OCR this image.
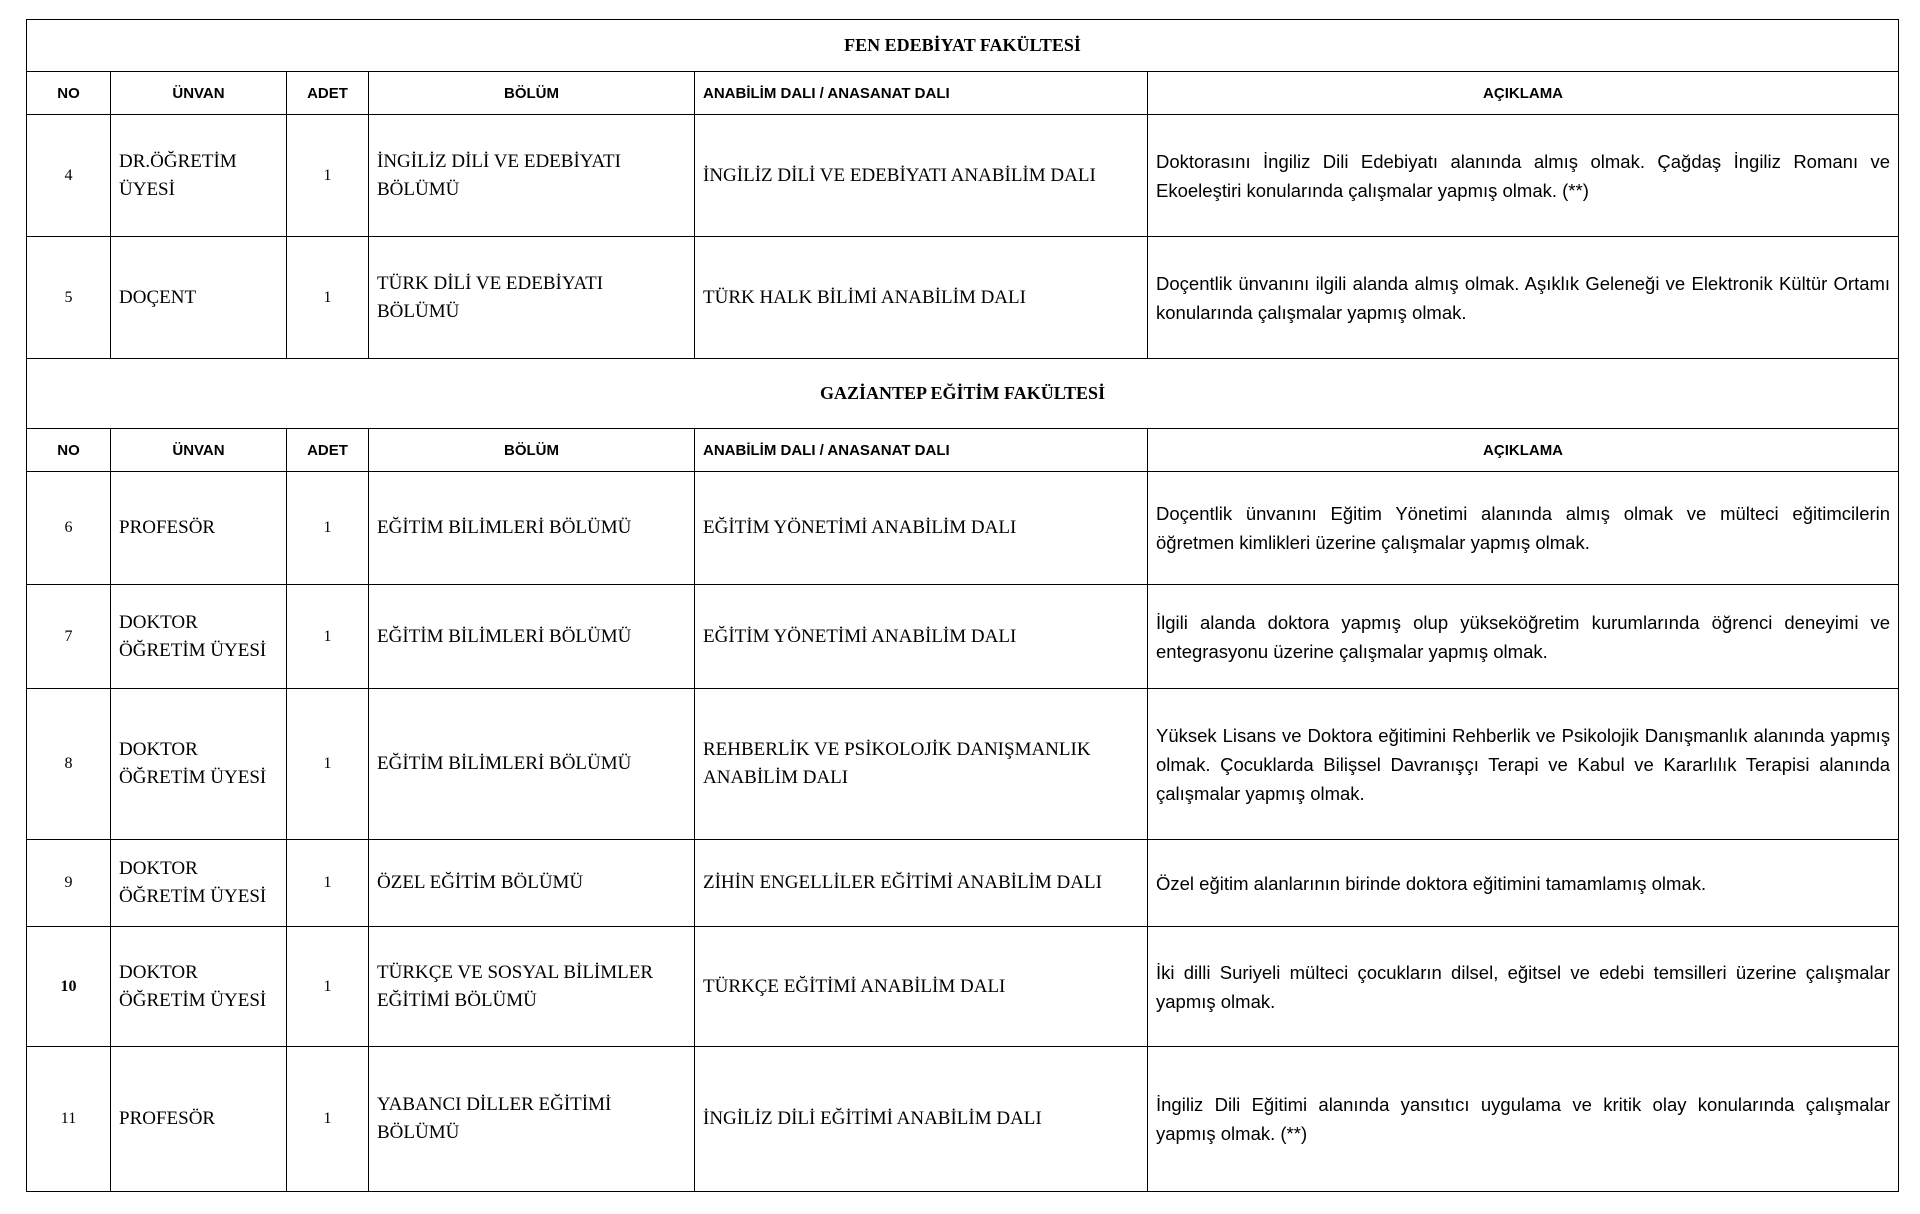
FEN EDEBİYAT FAKÜLTESİ					
NO	ÜNVAN	ADET	BÖLÜM	ANABİLİM DALI / ANASANAT DALI	AÇIKLAMA
4	DR.ÖĞRETİM ÜYESİ	1	İNGİLİZ DİLİ VE EDEBİYATI BÖLÜMÜ	İNGİLİZ DİLİ VE EDEBİYATI ANABİLİM DALI	Doktorasını İngiliz Dili Edebiyatı alanında almış olmak. Çağdaş İngiliz Romanı ve Ekoeleştiri konularında çalışmalar yapmış olmak. (**)
5	DOÇENT	1	TÜRK DİLİ VE EDEBİYATI BÖLÜMÜ	TÜRK HALK BİLİMİ ANABİLİM DALI	Doçentlik ünvanını ilgili alanda almış olmak. Aşıklık Geleneği ve Elektronik Kültür Ortamı konularında çalışmalar yapmış olmak.
GAZİANTEP EĞİTİM FAKÜLTESİ					
NO	ÜNVAN	ADET	BÖLÜM	ANABİLİM DALI / ANASANAT DALI	AÇIKLAMA
6	PROFESÖR	1	EĞİTİM BİLİMLERİ BÖLÜMÜ	EĞİTİM YÖNETİMİ ANABİLİM DALI	Doçentlik ünvanını Eğitim Yönetimi alanında almış olmak ve mülteci eğitimcilerin öğretmen kimlikleri üzerine çalışmalar yapmış olmak.
7	DOKTOR ÖĞRETİM ÜYESİ	1	EĞİTİM BİLİMLERİ BÖLÜMÜ	EĞİTİM YÖNETİMİ ANABİLİM DALI	İlgili alanda doktora yapmış olup yükseköğretim kurumlarında öğrenci deneyimi ve entegrasyonu üzerine çalışmalar yapmış olmak.
8	DOKTOR ÖĞRETİM ÜYESİ	1	EĞİTİM BİLİMLERİ BÖLÜMÜ	REHBERLİK VE PSİKOLOJİK DANIŞMANLIK ANABİLİM DALI	Yüksek Lisans ve Doktora eğitimini Rehberlik ve Psikolojik Danışmanlık alanında yapmış olmak. Çocuklarda Bilişsel Davranışçı Terapi ve Kabul ve Kararlılık Terapisi alanında çalışmalar yapmış olmak.
9	DOKTOR ÖĞRETİM ÜYESİ	1	ÖZEL EĞİTİM BÖLÜMÜ	ZİHİN ENGELLİLER EĞİTİMİ ANABİLİM DALI	Özel eğitim alanlarının birinde doktora eğitimini tamamlamış olmak.
10	DOKTOR ÖĞRETİM ÜYESİ	1	TÜRKÇE VE SOSYAL BİLİMLER EĞİTİMİ BÖLÜMÜ	TÜRKÇE EĞİTİMİ ANABİLİM DALI	İki dilli Suriyeli mülteci çocukların dilsel, eğitsel ve edebi temsilleri üzerine çalışmalar yapmış olmak.
11	PROFESÖR	1	YABANCI DİLLER EĞİTİMİ BÖLÜMÜ	İNGİLİZ DİLİ EĞİTİMİ ANABİLİM DALI	İngiliz Dili Eğitimi alanında yansıtıcı uygulama ve kritik olay konularında çalışmalar yapmış olmak. (**)
